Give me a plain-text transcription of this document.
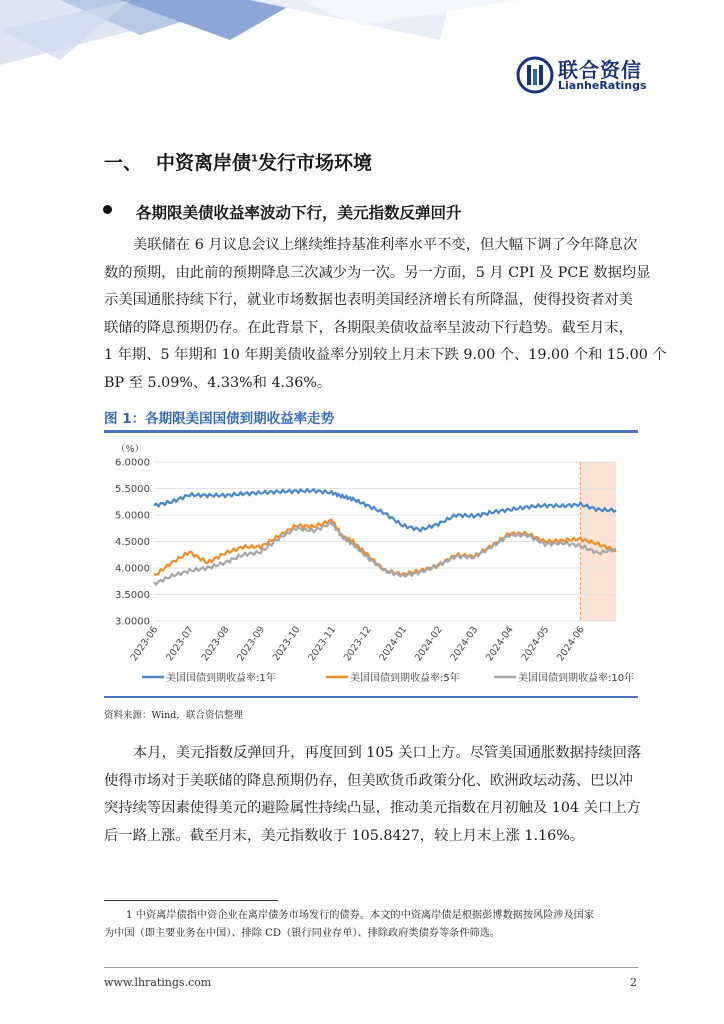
联合资信
LianheRatings
一、 中资离岸债$^1$发行市场环境
各期限美债收益率波动下行，美元指数反弹回升
美联储在 6 月议息会议上继续维持基准利率水平不变，但大幅下调了今年降息次
数的预期，由此前的预期降息三次减少为一次。另一方面，5 月 CPI 及 PCE 数据均显
示美国通胀持续下行，就业市场数据也表明美国经济增长有所降温，使得投资者对美
联储的降息预期仍存。在此背景下，各期限美债收益率呈波动下行趋势。截至月末，
1 年期、5 年期和 10 年期美债收益率分别较上月末下跌 9.00 个、19.00 个和 15.00 个
BP 至 5.09%、4.33%和 4.36%。
图 1：各期限美国国债到期收益率走势
6.0000
5.5000
5.0000
4.5000
4.0000
3.5000
3.0000
（%）
2023-06 2023-07 2023-08 2023-09 2023-10 2023-11 2023-12 2024-01 2024-02 2024-03 2024-04 2024-05 2024-06
美国国债到期收益率:1年	美国国债到期收益率:5年	美国国债到期收益率:10年
资料来源：Wind，联合资信整理
本月，美元指数反弹回升，再度回到 105 关口上方。尽管美国通胀数据持续回落
使得市场对于美联储的降息预期仍存，但美欧货币政策分化、欧洲政坛动荡、巴以冲
突持续等因素使得美元的避险属性持续凸显，推动美元指数在月初触及 104 关口上方
后一路上涨。截至月末，美元指数收于 105.8427，较上月末上涨 1.16%。
1 中资离岸债指中资企业在离岸债务市场发行的债券。本文的中资离岸债是根据彭博数据按风险涉及国家
为中国（即主要业务在中国）、排除 CD（银行同业存单）、排除政府类债券等条件筛选。
www.lhratings.com	2
